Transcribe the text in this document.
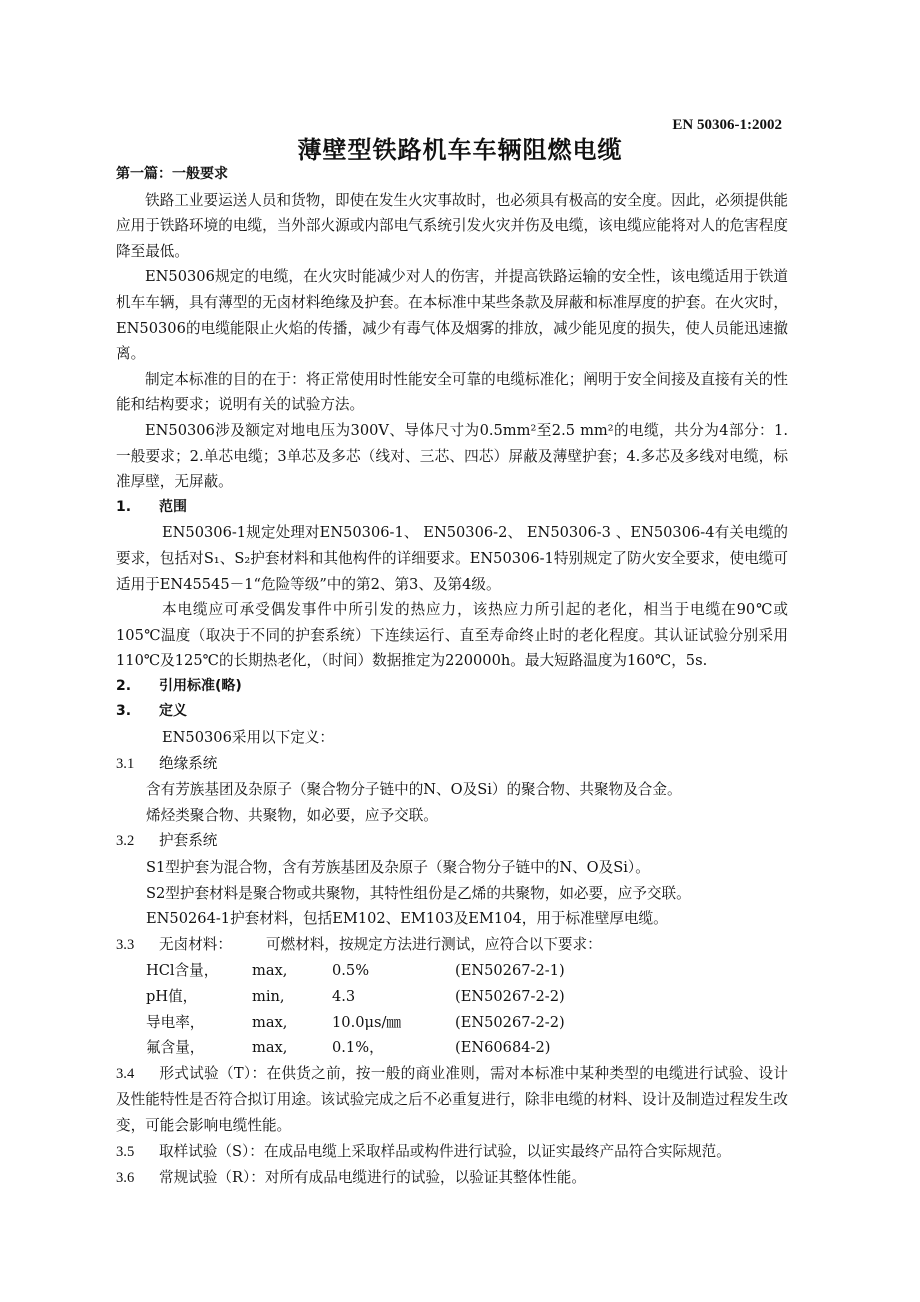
EN 50306-1:2002
薄壁型铁路机车车辆阻燃电缆

第一篇：一般要求

铁路工业要运送人员和货物，即使在发生火灾事故时，也必须具有极高的安全度。因此，必须提供能应用于铁路环境的电缆，当外部火源或内部电气系统引发火灾并伤及电缆，该电缆应能将对人的危害程度降至最低。

EN50306规定的电缆，在火灾时能减少对人的伤害，并提高铁路运输的安全性，该电缆适用于铁道机车车辆，具有薄型的无卤材料绝缘及护套。在本标准中某些条款及屏蔽和标准厚度的护套。在火灾时，EN50306的电缆能限止火焰的传播，减少有毒气体及烟雾的排放，减少能见度的损失，使人员能迅速撤离。

制定本标准的目的在于：将正常使用时性能安全可靠的电缆标准化；阐明于安全间接及直接有关的性能和结构要求；说明有关的试验方法。

EN50306涉及额定对地电压为300V、导体尺寸为0.5mm²至2.5 mm²的电缆，共分为4部分：1.一般要求；2.单芯电缆；3单芯及多芯（线对、三芯、四芯）屏蔽及薄壁护套；4.多芯及多线对电缆，标准厚壁，无屏蔽。

1. 范围

EN50306-1规定处理对EN50306-1、 EN50306-2、 EN50306-3 、EN50306-4有关电缆的要求，包括对S₁、S₂护套材料和其他构件的详细要求。EN50306-1特别规定了防火安全要求，使电缆可适用于EN45545－1“危险等级”中的第2、第3、及第4级。

本电缆应可承受偶发事件中所引发的热应力，该热应力所引起的老化，相当于电缆在90℃或105℃温度（取决于不同的护套系统）下连续运行、直至寿命终止时的老化程度。其认证试验分别采用110℃及125℃的长期热老化，（时间）数据推定为220000h。最大短路温度为160℃，5s.

2. 引用标准(略)

3. 定义

EN50306采用以下定义：

3.1 绝缘系统

含有芳族基团及杂原子（聚合物分子链中的N、O及Si）的聚合物、共聚物及合金。

烯烃类聚合物、共聚物，如必要，应予交联。

3.2 护套系统

S1型护套为混合物，含有芳族基团及杂原子（聚合物分子链中的N、O及Si）。

S2型护套材料是聚合物或共聚物，其特性组份是乙烯的共聚物，如必要，应予交联。

EN50264-1护套材料，包括EM102、EM103及EM104，用于标准壁厚电缆。

3.3 无卤材料： 可燃材料，按规定方法进行测试，应符合以下要求：

HCl含量， max,	0.5%	(EN50267-2-1)

pH值，	min,	4.3	(EN50267-2-2)

导电率，	max,	10.0μs/㎜	(EN50267-2-2)

氟含量，	max,	0.1%，	(EN60684-2)

3.4 形式试验（T）：在供货之前，按一般的商业准则，需对本标准中某种类型的电缆进行试验、设计及性能特性是否符合拟订用途。该试验完成之后不必重复进行，除非电缆的材料、设计及制造过程发生改变，可能会影响电缆性能。

3.5 取样试验（S）：在成品电缆上采取样品或构件进行试验，以证实最终产品符合实际规范。

3.6 常规试验（R）：对所有成品电缆进行的试验，以验证其整体性能。
